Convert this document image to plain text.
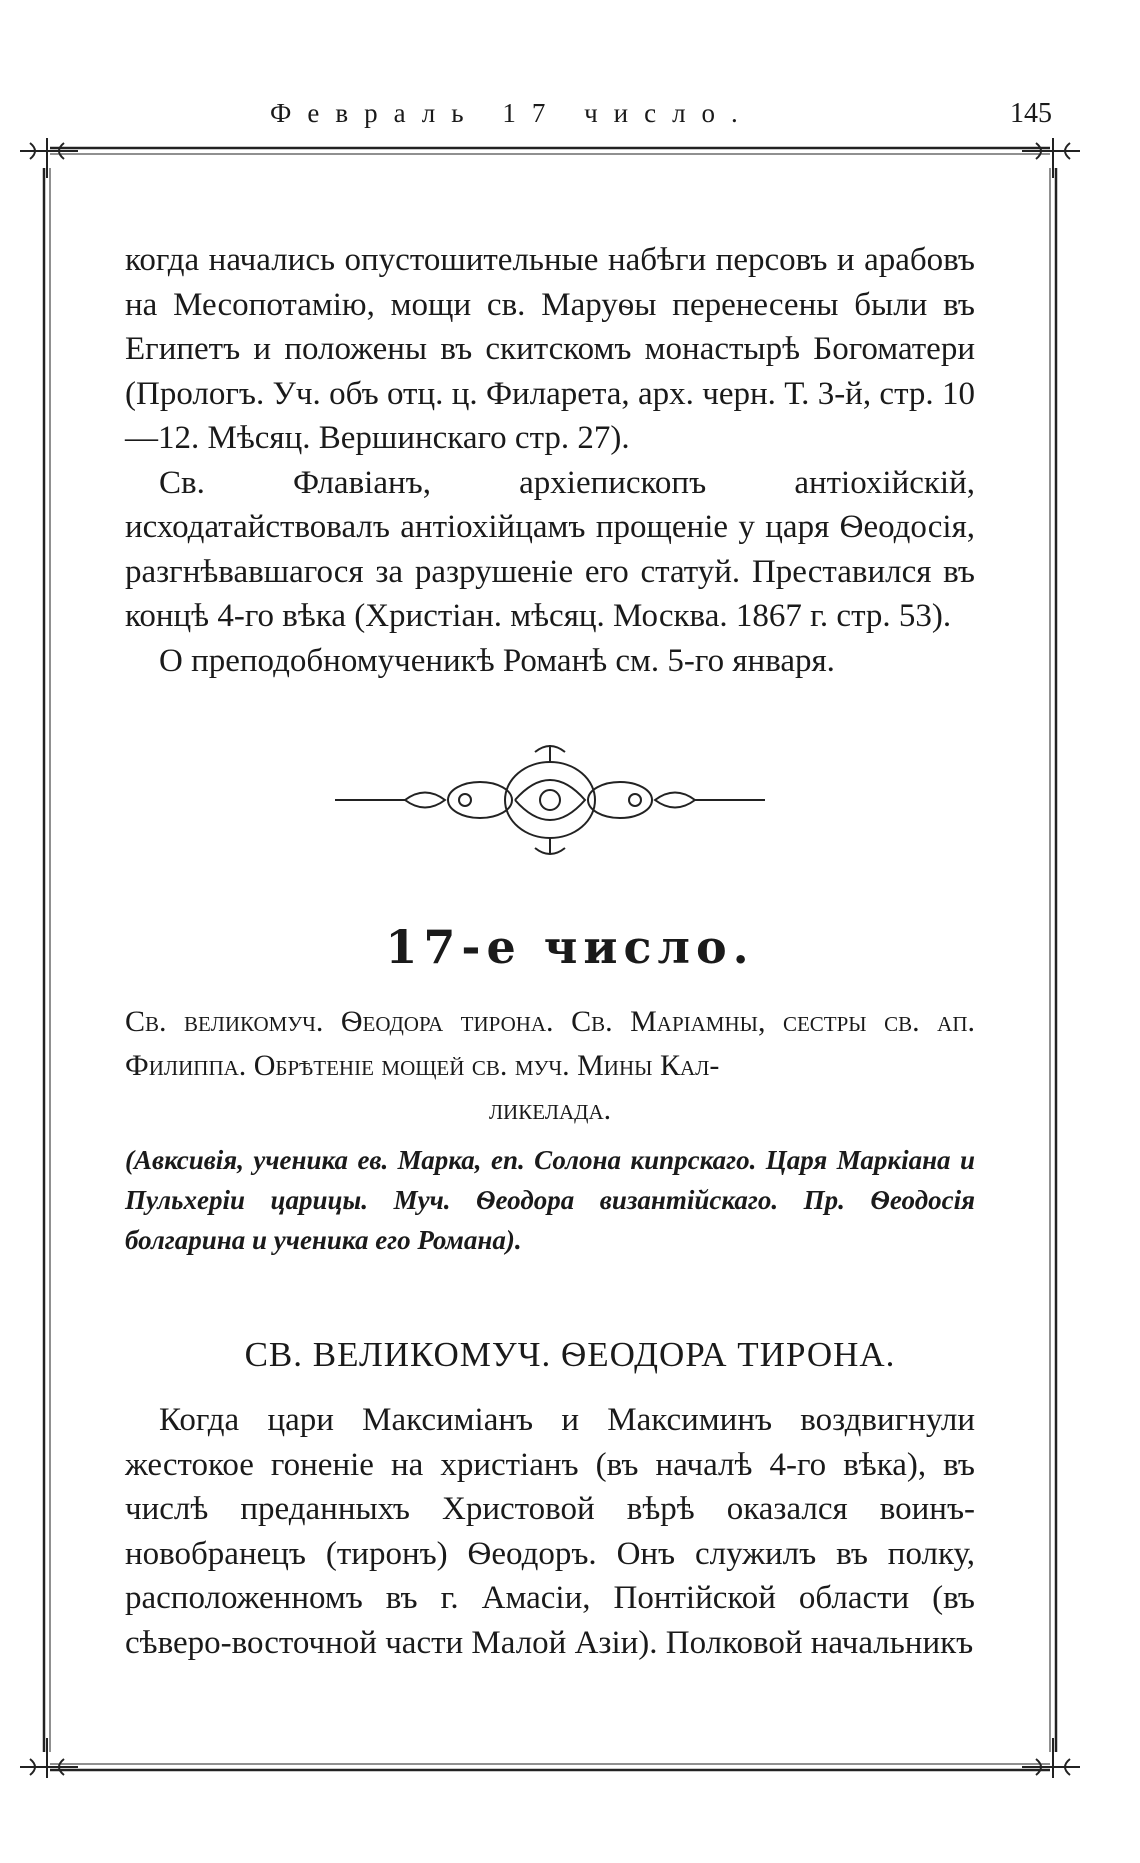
Февраль 17 число.	145

когда начались опустошительные набѣги персовъ и арабовъ на Месопотамію, мощи св. Маруѳы перенесены были въ Египетъ и положены въ скитскомъ монастырѣ Богоматери (Прологъ. Уч. объ отц. ц. Филарета, арх. черн. Т. 3-й, стр. 10—12. Мѣсяц. Вершинскаго стр. 27).

Св. Флавіанъ, архіепископъ антіохійскій, исходатайствовалъ антіохійцамъ прощеніе у царя Ѳеодосія, разгнѣвавшагося за разрушеніе его статуй. Преставился въ концѣ 4-го вѣка (Христіан. мѣсяц. Москва. 1867 г. стр. 53).

О преподобномученикѣ Романѣ см. 5-го января.

17-е число.
Св. великомуч. Ѳеодора тирона. Св. Маріамны, сестры св. ап. Филиппа. Обрѣтеніе мощей св. муч. Мины Кал-
ликелада.
(Авксивія, ученика ев. Марка, еп. Солона кипрскаго. Царя Маркіана и Пульхеріи царицы. Муч. Ѳеодора византійскаго. Пр. Ѳеодосія болгарина и ученика его Романа).
СВ. ВЕЛИКОМУЧ. ѲЕОДОРА ТИРОНА.

Когда цари Максиміанъ и Максиминъ воздвигнули жестокое гоненіе на христіанъ (въ началѣ 4-го вѣка), въ числѣ преданныхъ Христовой вѣрѣ оказался воинъ-новобранецъ (тиронъ) Ѳеодоръ. Онъ служилъ въ полку, расположенномъ въ г. Амасіи, Понтійской области (въ сѣверо-восточной части Малой Азіи). Полковой начальникъ
